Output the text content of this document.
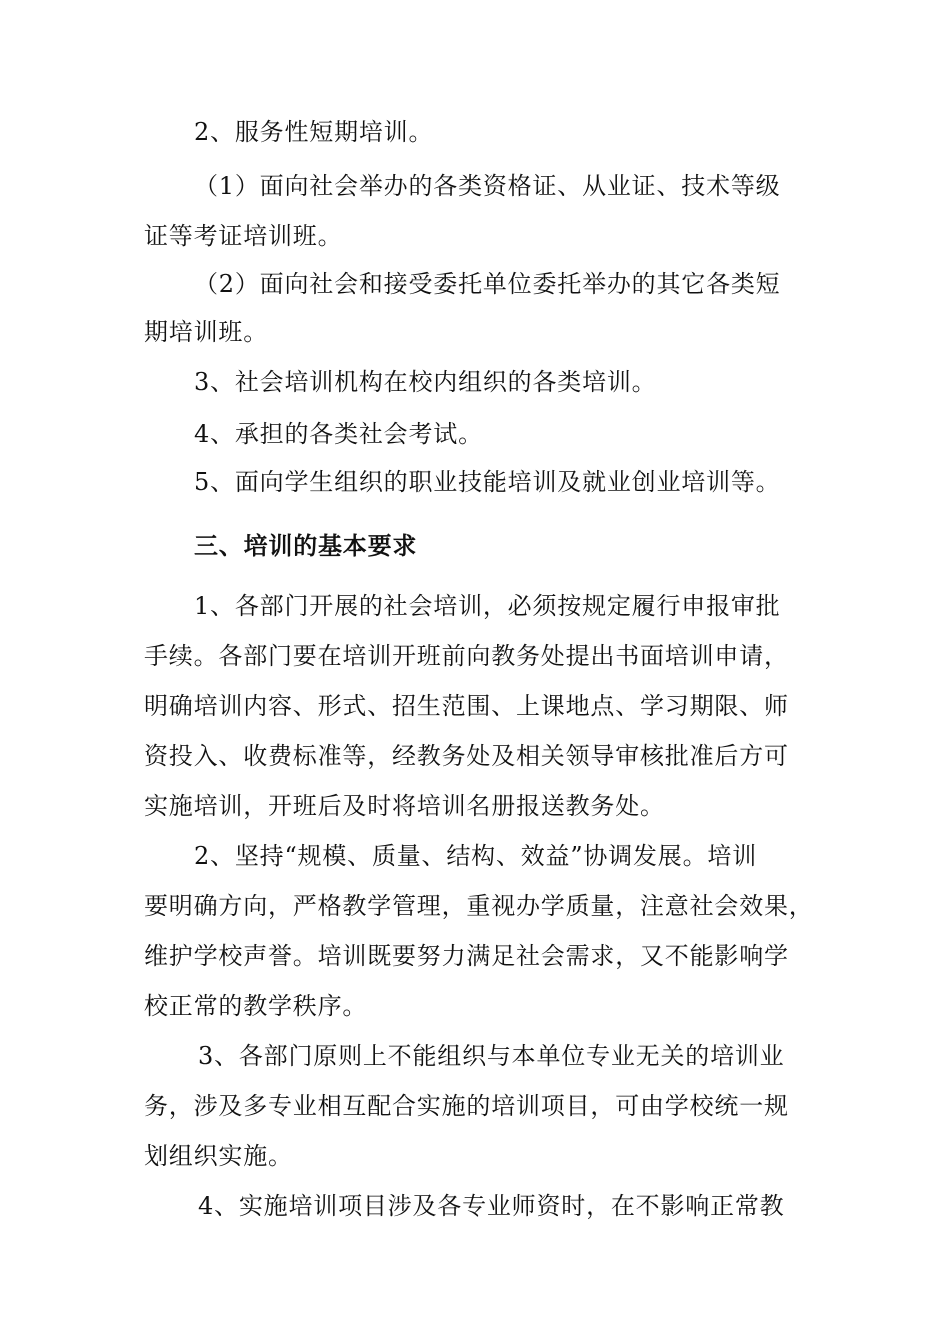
2、服务性短期培训。

（1）面向社会举办的各类资格证、从业证、技术等级

证等考证培训班。

（2）面向社会和接受委托单位委托举办的其它各类短

期培训班。

3、社会培训机构在校内组织的各类培训。

4、承担的各类社会考试。

5、面向学生组织的职业技能培训及就业创业培训等。

三、培训的基本要求

1、各部门开展的社会培训，必须按规定履行申报审批

手续。各部门要在培训开班前向教务处提出书面培训申请，

明确培训内容、形式、招生范围、上课地点、学习期限、师

资投入、收费标准等，经教务处及相关领导审核批准后方可

实施培训，开班后及时将培训名册报送教务处。

2、坚持“规模、质量、结构、效益”协调发展。培训

要明确方向，严格教学管理，重视办学质量，注意社会效果，

维护学校声誉。培训既要努力满足社会需求，又不能影响学

校正常的教学秩序。

3、各部门原则上不能组织与本单位专业无关的培训业

务，涉及多专业相互配合实施的培训项目，可由学校统一规

划组织实施。

4、实施培训项目涉及各专业师资时，在不影响正常教
